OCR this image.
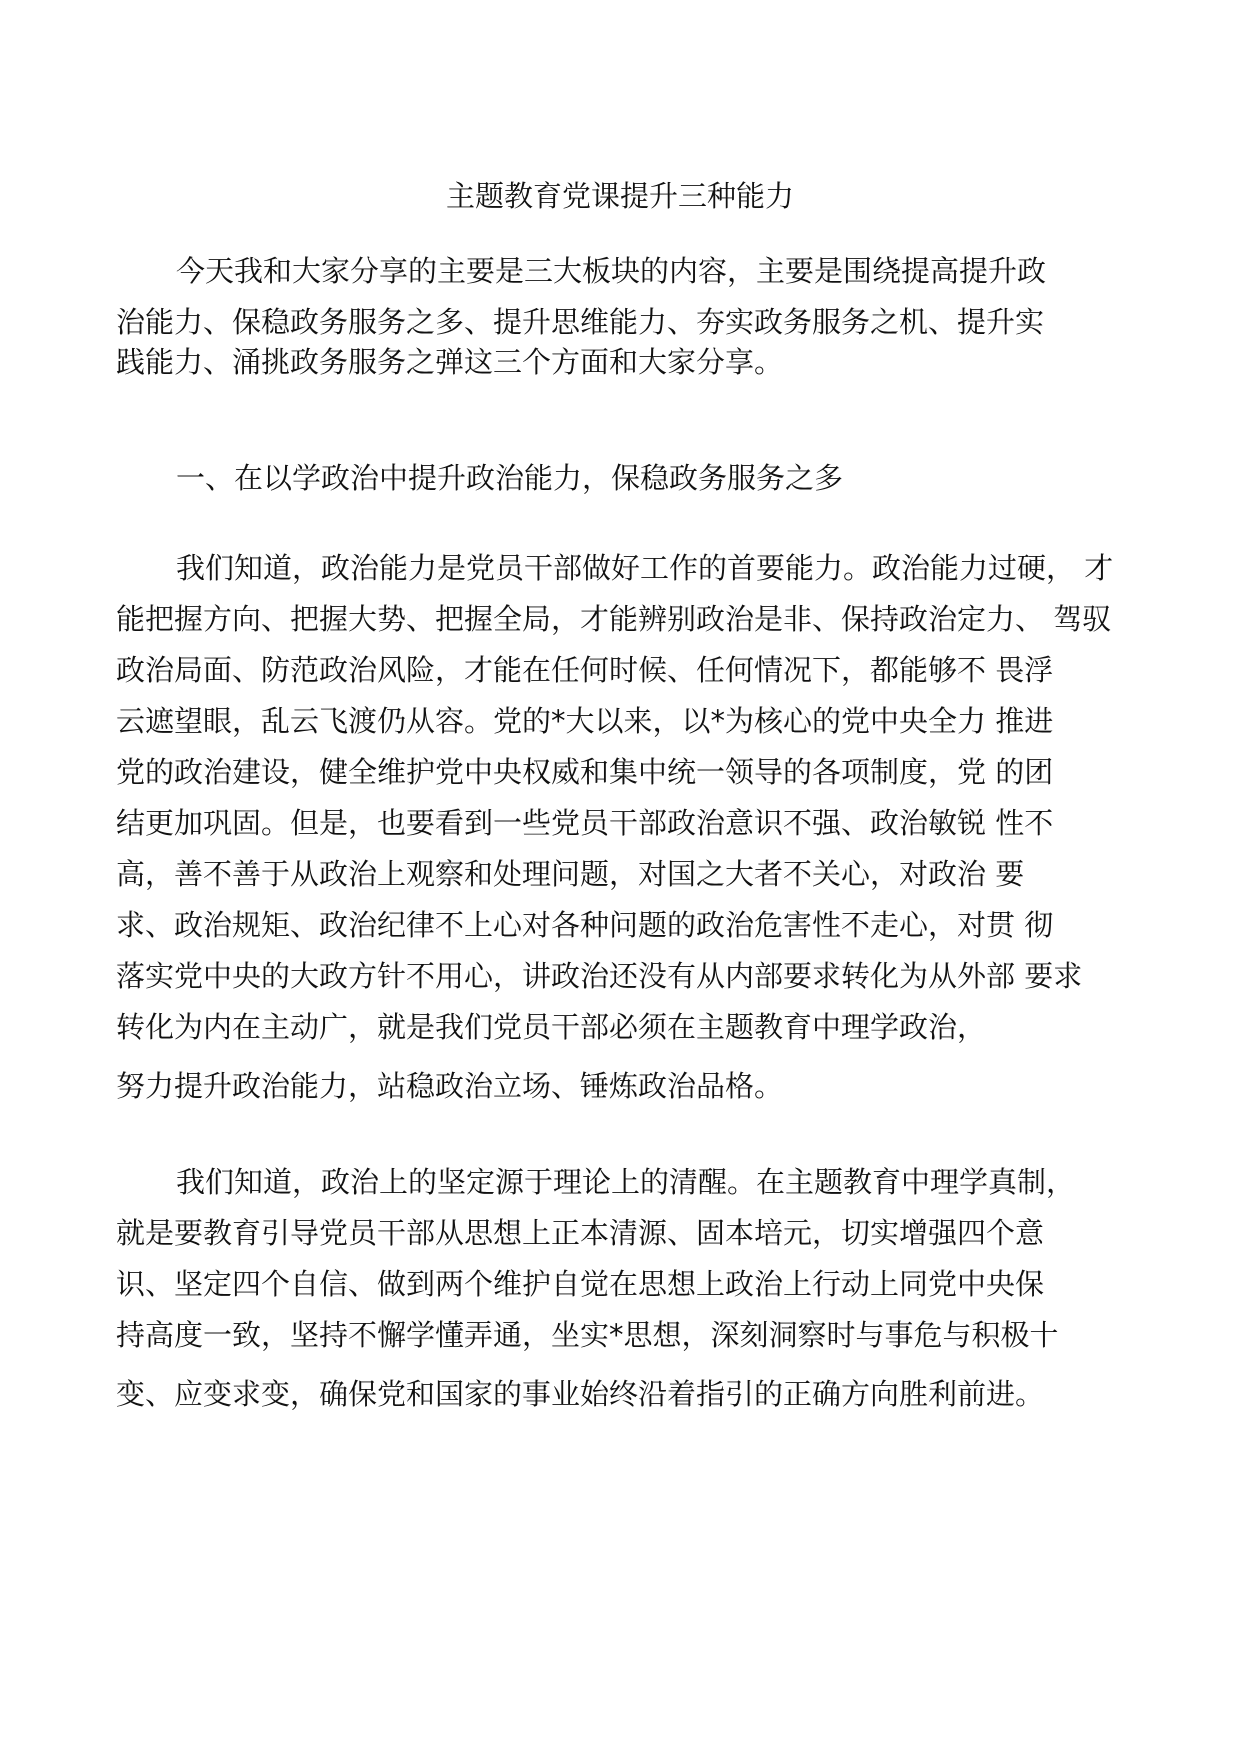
主题教育党课提升三种能力
今天我和大家分享的主要是三大板块的内容，主要是围绕提高提升政
治能力、保稳政务服务之多、提升思维能力、夯实政务服务之机、提升实
践能力、涌挑政务服务之弹这三个方面和大家分享。
一、在以学政治中提升政治能力，保稳政务服务之多
我们知道，政治能力是党员干部做好工作的首要能力。政治能力过硬， 才
能把握方向、把握大势、把握全局，才能辨别政治是非、保持政治定力、 驾驭
政治局面、防范政治风险，才能在任何时候、任何情况下，都能够不 畏浮
云遮望眼，乱云飞渡仍从容。党的*大以来，以*为核心的党中央全力 推进
党的政治建设，健全维护党中央权威和集中统一领导的各项制度，党 的团
结更加巩固。但是，也要看到一些党员干部政治意识不强、政治敏锐 性不
高，善不善于从政治上观察和处理问题，对国之大者不关心，对政治 要
求、政治规矩、政治纪律不上心对各种问题的政治危害性不走心，对贯 彻
落实党中央的大政方针不用心，讲政治还没有从内部要求转化为从外部 要求
转化为内在主动广，就是我们党员干部必须在主题教育中理学政治，
努力提升政治能力，站稳政治立场、锤炼政治品格。
我们知道，政治上的坚定源于理论上的清醒。在主题教育中理学真制，
就是要教育引导党员干部从思想上正本清源、固本培元，切实增强四个意
识、坚定四个自信、做到两个维护自觉在思想上政治上行动上同党中央保
持高度一致，坚持不懈学懂弄通，坐实*思想，深刻洞察时与事危与积极十
变、应变求变，确保党和国家的事业始终沿着指引的正确方向胜利前进。
